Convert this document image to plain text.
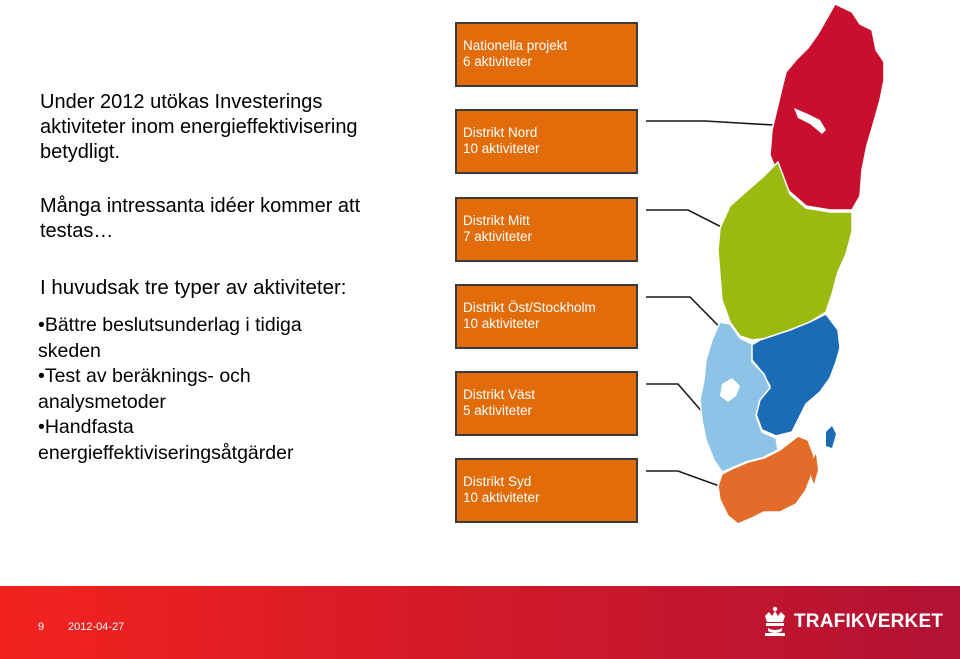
Under 2012 utökas Investerings
aktiviteter inom energieffektivisering
betydligt.
Många intressanta idéer kommer att
testas…
I huvudsak tre typer av aktiviteter:
•Bättre beslutsunderlag i tidiga
skeden
•Test av beräknings- och
analysmetoder
•Handfasta
energieffektiviseringsåtgärder
Nationella projekt
6 aktiviteter
Distrikt Nord
10 aktiviteter
Distrikt Mitt
7 aktiviteter
Distrikt Öst/Stockholm
10 aktiviteter
Distrikt Väst
5 aktiviteter
Distrikt Syd
10 aktiviteter
9 2012-04-27	TRAFIKVERKET
